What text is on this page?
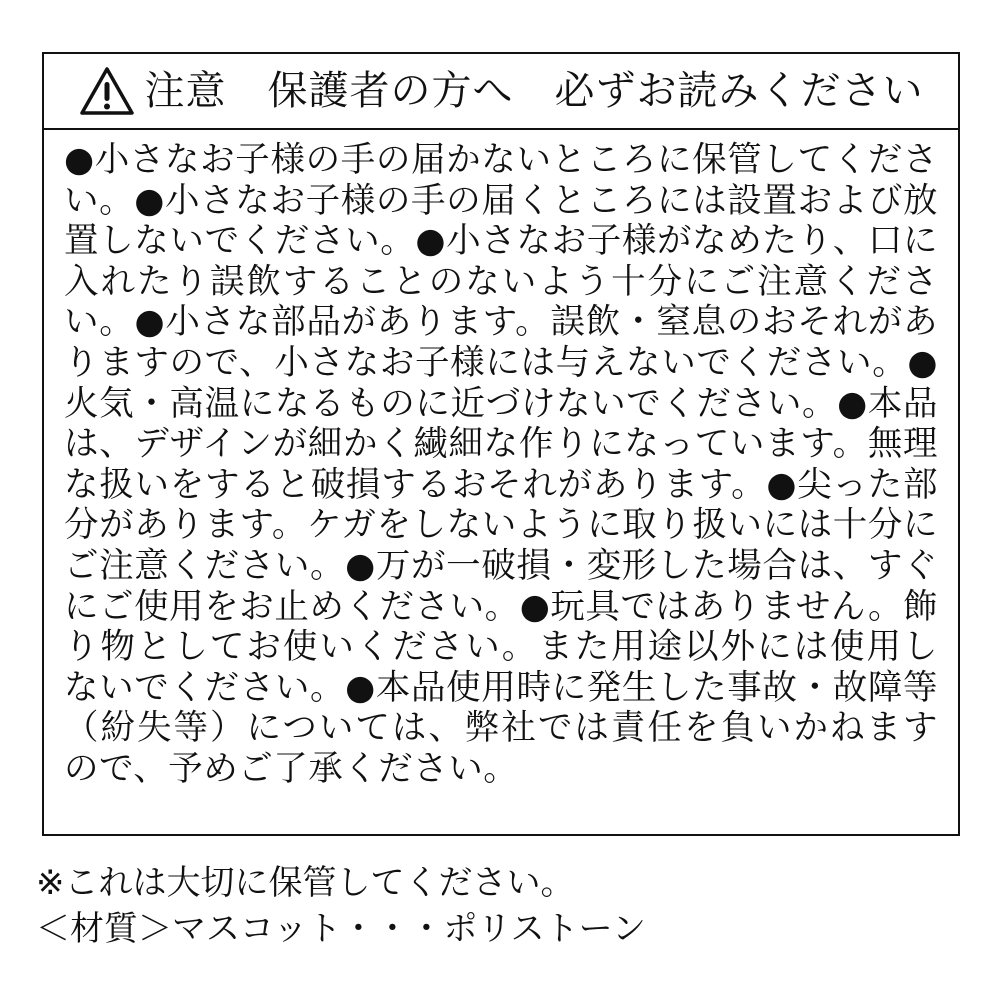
注意　保護者の方へ　必ずお読みください
●小さなお子様の手の届かないところに保管してください。●小さなお子様の手の届くところには設置および放置しないでください。●小さなお子様がなめたり、口に入れたり誤飲することのないよう十分にご注意ください。●小さな部品があります。誤飲・窒息のおそれがありますので、小さなお子様には与えないでください。●火気・高温になるものに近づけないでください。●本品は、デザインが細かく繊細な作りになっています。無理な扱いをすると破損するおそれがあります。●尖った部分があります。ケガをしないように取り扱いには十分にご注意ください。●万が一破損・変形した場合は、すぐにご使用をお止めください。●玩具ではありません。飾り物としてお使いください。また用途以外には使用しないでください。●本品使用時に発生した事故・故障等（紛失等）については、弊社では責任を負いかねますので、予めご了承ください。
※これは大切に保管してください。
＜材質＞マスコット・・・ポリストーン
